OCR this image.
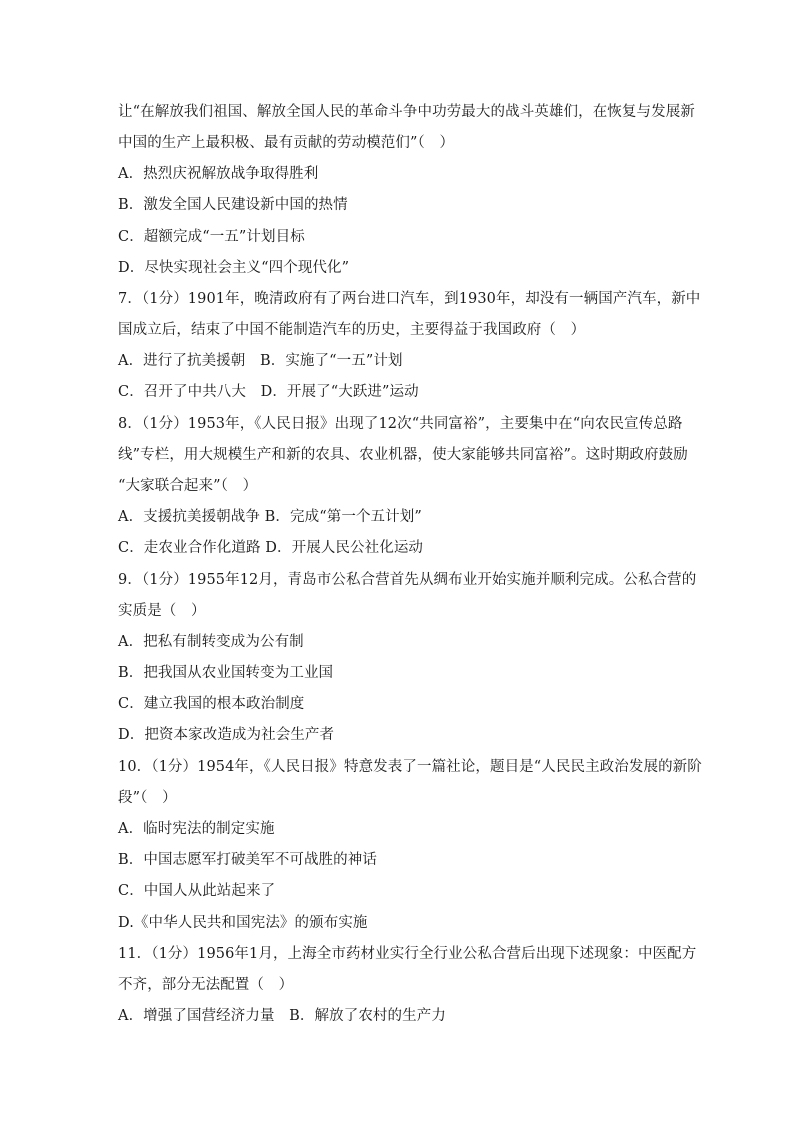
让“在解放我们祖国、解放全国人民的革命斗争中功劳最大的战斗英雄们，在恢复与发展新
中国的生产上最积极、最有贡献的劳动模范们”（　）
A．热烈庆祝解放战争取得胜利
B．激发全国人民建设新中国的热情
C．超额完成“一五”计划目标
D．尽快实现社会主义“四个现代化”
7．（1分）1901年，晚清政府有了两台进口汽车，到1930年，却没有一辆国产汽车，新中
国成立后，结束了中国不能制造汽车的历史，主要得益于我国政府（　）
A．进行了抗美援朝　B．实施了“一五”计划
C．召开了中共八大　D．开展了“大跃进”运动
8．（1分）1953年，《人民日报》出现了12次“共同富裕”，主要集中在“向农民宣传总路
线”专栏，用大规模生产和新的农具、农业机器，使大家能够共同富裕”。这时期政府鼓励
“大家联合起来”（　）
A．支援抗美援朝战争 B．完成“第一个五计划”
C．走农业合作化道路 D．开展人民公社化运动
9．（1分）1955年12月，青岛市公私合营首先从绸布业开始实施并顺利完成。公私合营的
实质是（　）
A．把私有制转变成为公有制
B．把我国从农业国转变为工业国
C．建立我国的根本政治制度
D．把资本家改造成为社会生产者
10．（1分）1954年，《人民日报》特意发表了一篇社论，题目是“人民民主政治发展的新阶
段”（　）
A．临时宪法的制定实施
B．中国志愿军打破美军不可战胜的神话
C．中国人从此站起来了
D.《中华人民共和国宪法》的颁布实施
11．（1分）1956年1月，上海全市药材业实行全行业公私合营后出现下述现象：中医配方
不齐，部分无法配置（　）
A．增强了国营经济力量　B．解放了农村的生产力
